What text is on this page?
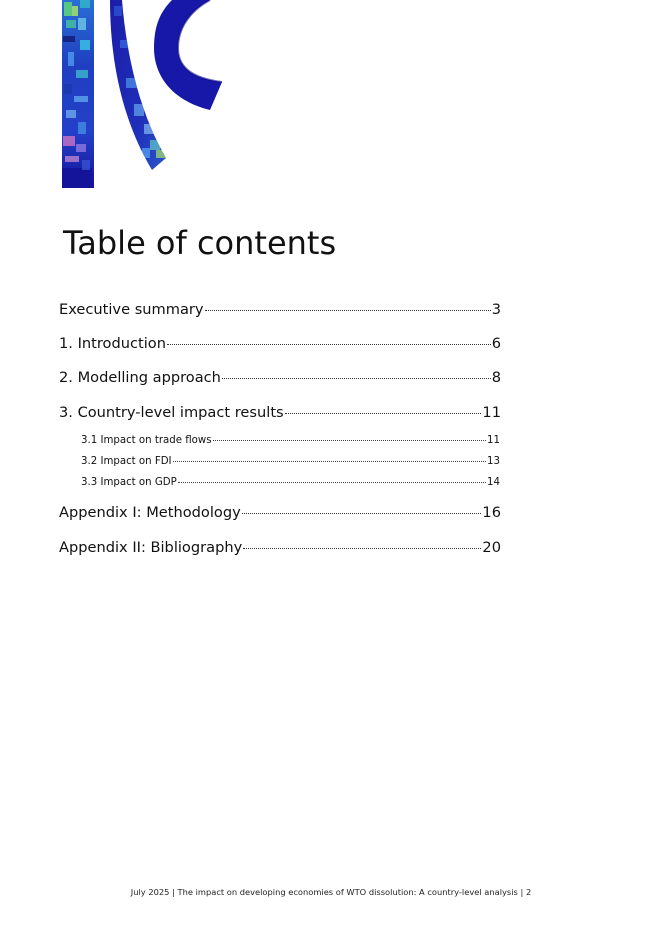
Table of contents
Executive summary	3
1. Introduction	6
2. Modelling approach	8
3. Country-level impact results	11
3.1 Impact on trade flows	11
3.2 Impact on FDI	13
3.3 Impact on GDP	14
Appendix I: Methodology	16
Appendix II: Bibliography	20
July 2025 | The impact on developing economies of WTO dissolution: A country-level analysis | 2
